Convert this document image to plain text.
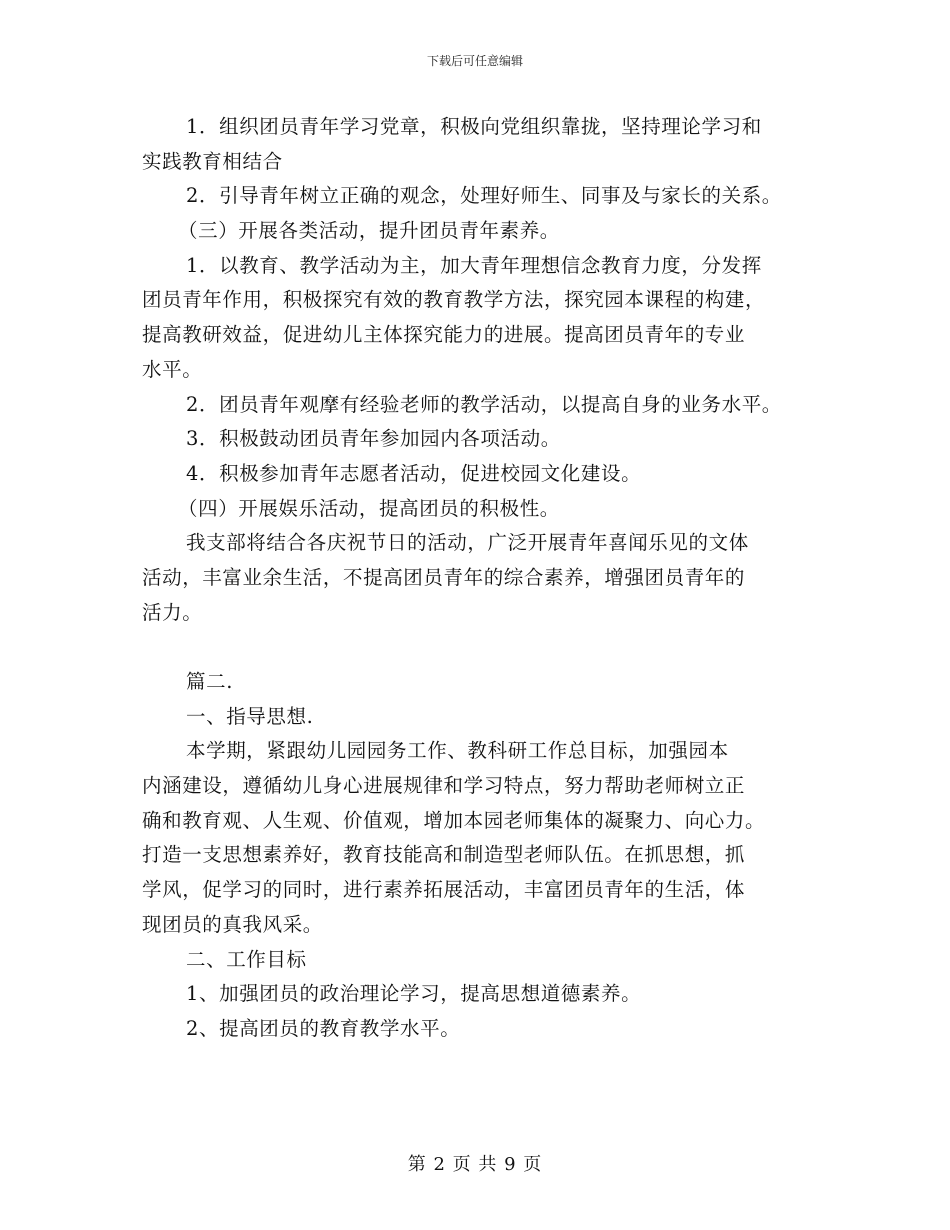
下载后可任意编辑
1．组织团员青年学习党章，积极向党组织靠拢，坚持理论学习和
实践教育相结合
2．引导青年树立正确的观念，处理好师生、同事及与家长的关系。
（三）开展各类活动，提升团员青年素养。
1．以教育、教学活动为主，加大青年理想信念教育力度，分发挥
团员青年作用，积极探究有效的教育教学方法，探究园本课程的构建，
提高教研效益，促进幼儿主体探究能力的进展。提高团员青年的专业
水平。
2．团员青年观摩有经验老师的教学活动，以提高自身的业务水平。
3．积极鼓动团员青年参加园内各项活动。
4．积极参加青年志愿者活动，促进校园文化建设。
（四）开展娱乐活动，提高团员的积极性。
我支部将结合各庆祝节日的活动，广泛开展青年喜闻乐见的文体
活动，丰富业余生活，不提高团员青年的综合素养，增强团员青年的
活力。
篇二.
一、指导思想.
本学期，紧跟幼儿园园务工作、教科研工作总目标，加强园本
内涵建设，遵循幼儿身心进展规律和学习特点，努力帮助老师树立正
确和教育观、人生观、价值观，增加本园老师集体的凝聚力、向心力。
打造一支思想素养好，教育技能高和制造型老师队伍。在抓思想，抓
学风，促学习的同时，进行素养拓展活动，丰富团员青年的生活，体
现团员的真我风采。
二、工作目标
1、加强团员的政治理论学习，提高思想道德素养。
2、提高团员的教育教学水平。
第 2 页 共 9 页
